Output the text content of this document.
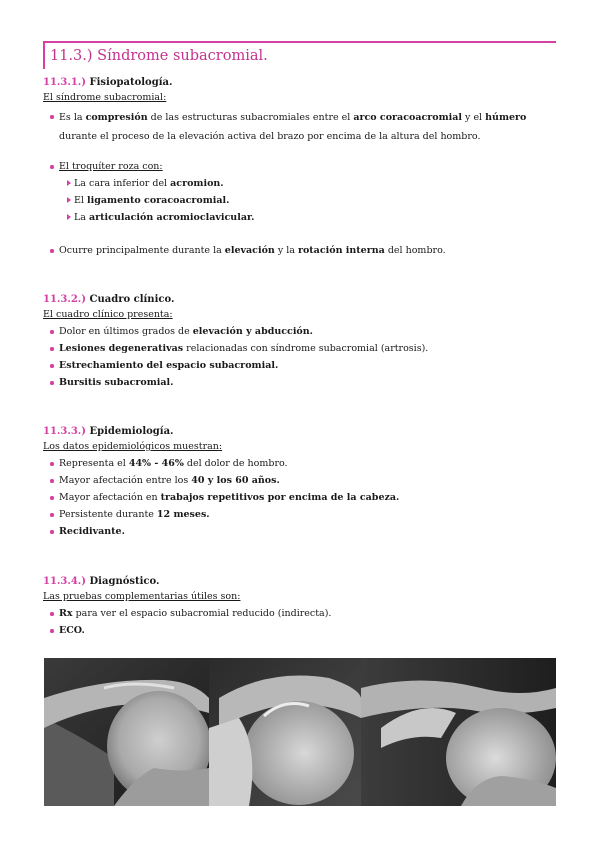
11.3.) Síndrome subacromial.
11.3.1.) Fisiopatología.
El síndrome subacromial:
Es la compresión de las estructuras subacromiales entre el arco coracoacromial y el húmero durante el proceso de la elevación activa del brazo por encima de la altura del hombro.
El troquíter roza con:
La cara inferior del acromion.
El ligamento coracoacromial.
La articulación acromioclavicular.
Ocurre principalmente durante la elevación y la rotación interna del hombro.
11.3.2.) Cuadro clínico.
El cuadro clínico presenta:
Dolor en últimos grados de elevación y abducción.
Lesiones degenerativas relacionadas con síndrome subacromial (artrosis).
Estrechamiento del espacio subacromial.
Bursitis subacromial.
11.3.3.) Epidemiología.
Los datos epidemiológicos muestran:
Representa el 44% - 46% del dolor de hombro.
Mayor afectación entre los 40 y los 60 años.
Mayor afectación en trabajos repetitivos por encima de la cabeza.
Persistente durante 12 meses.
Recidivante.
11.3.4.) Diagnóstico.
Las pruebas complementarias útiles son:
Rx para ver el espacio subacromial reducido (indirecta).
ECO.
